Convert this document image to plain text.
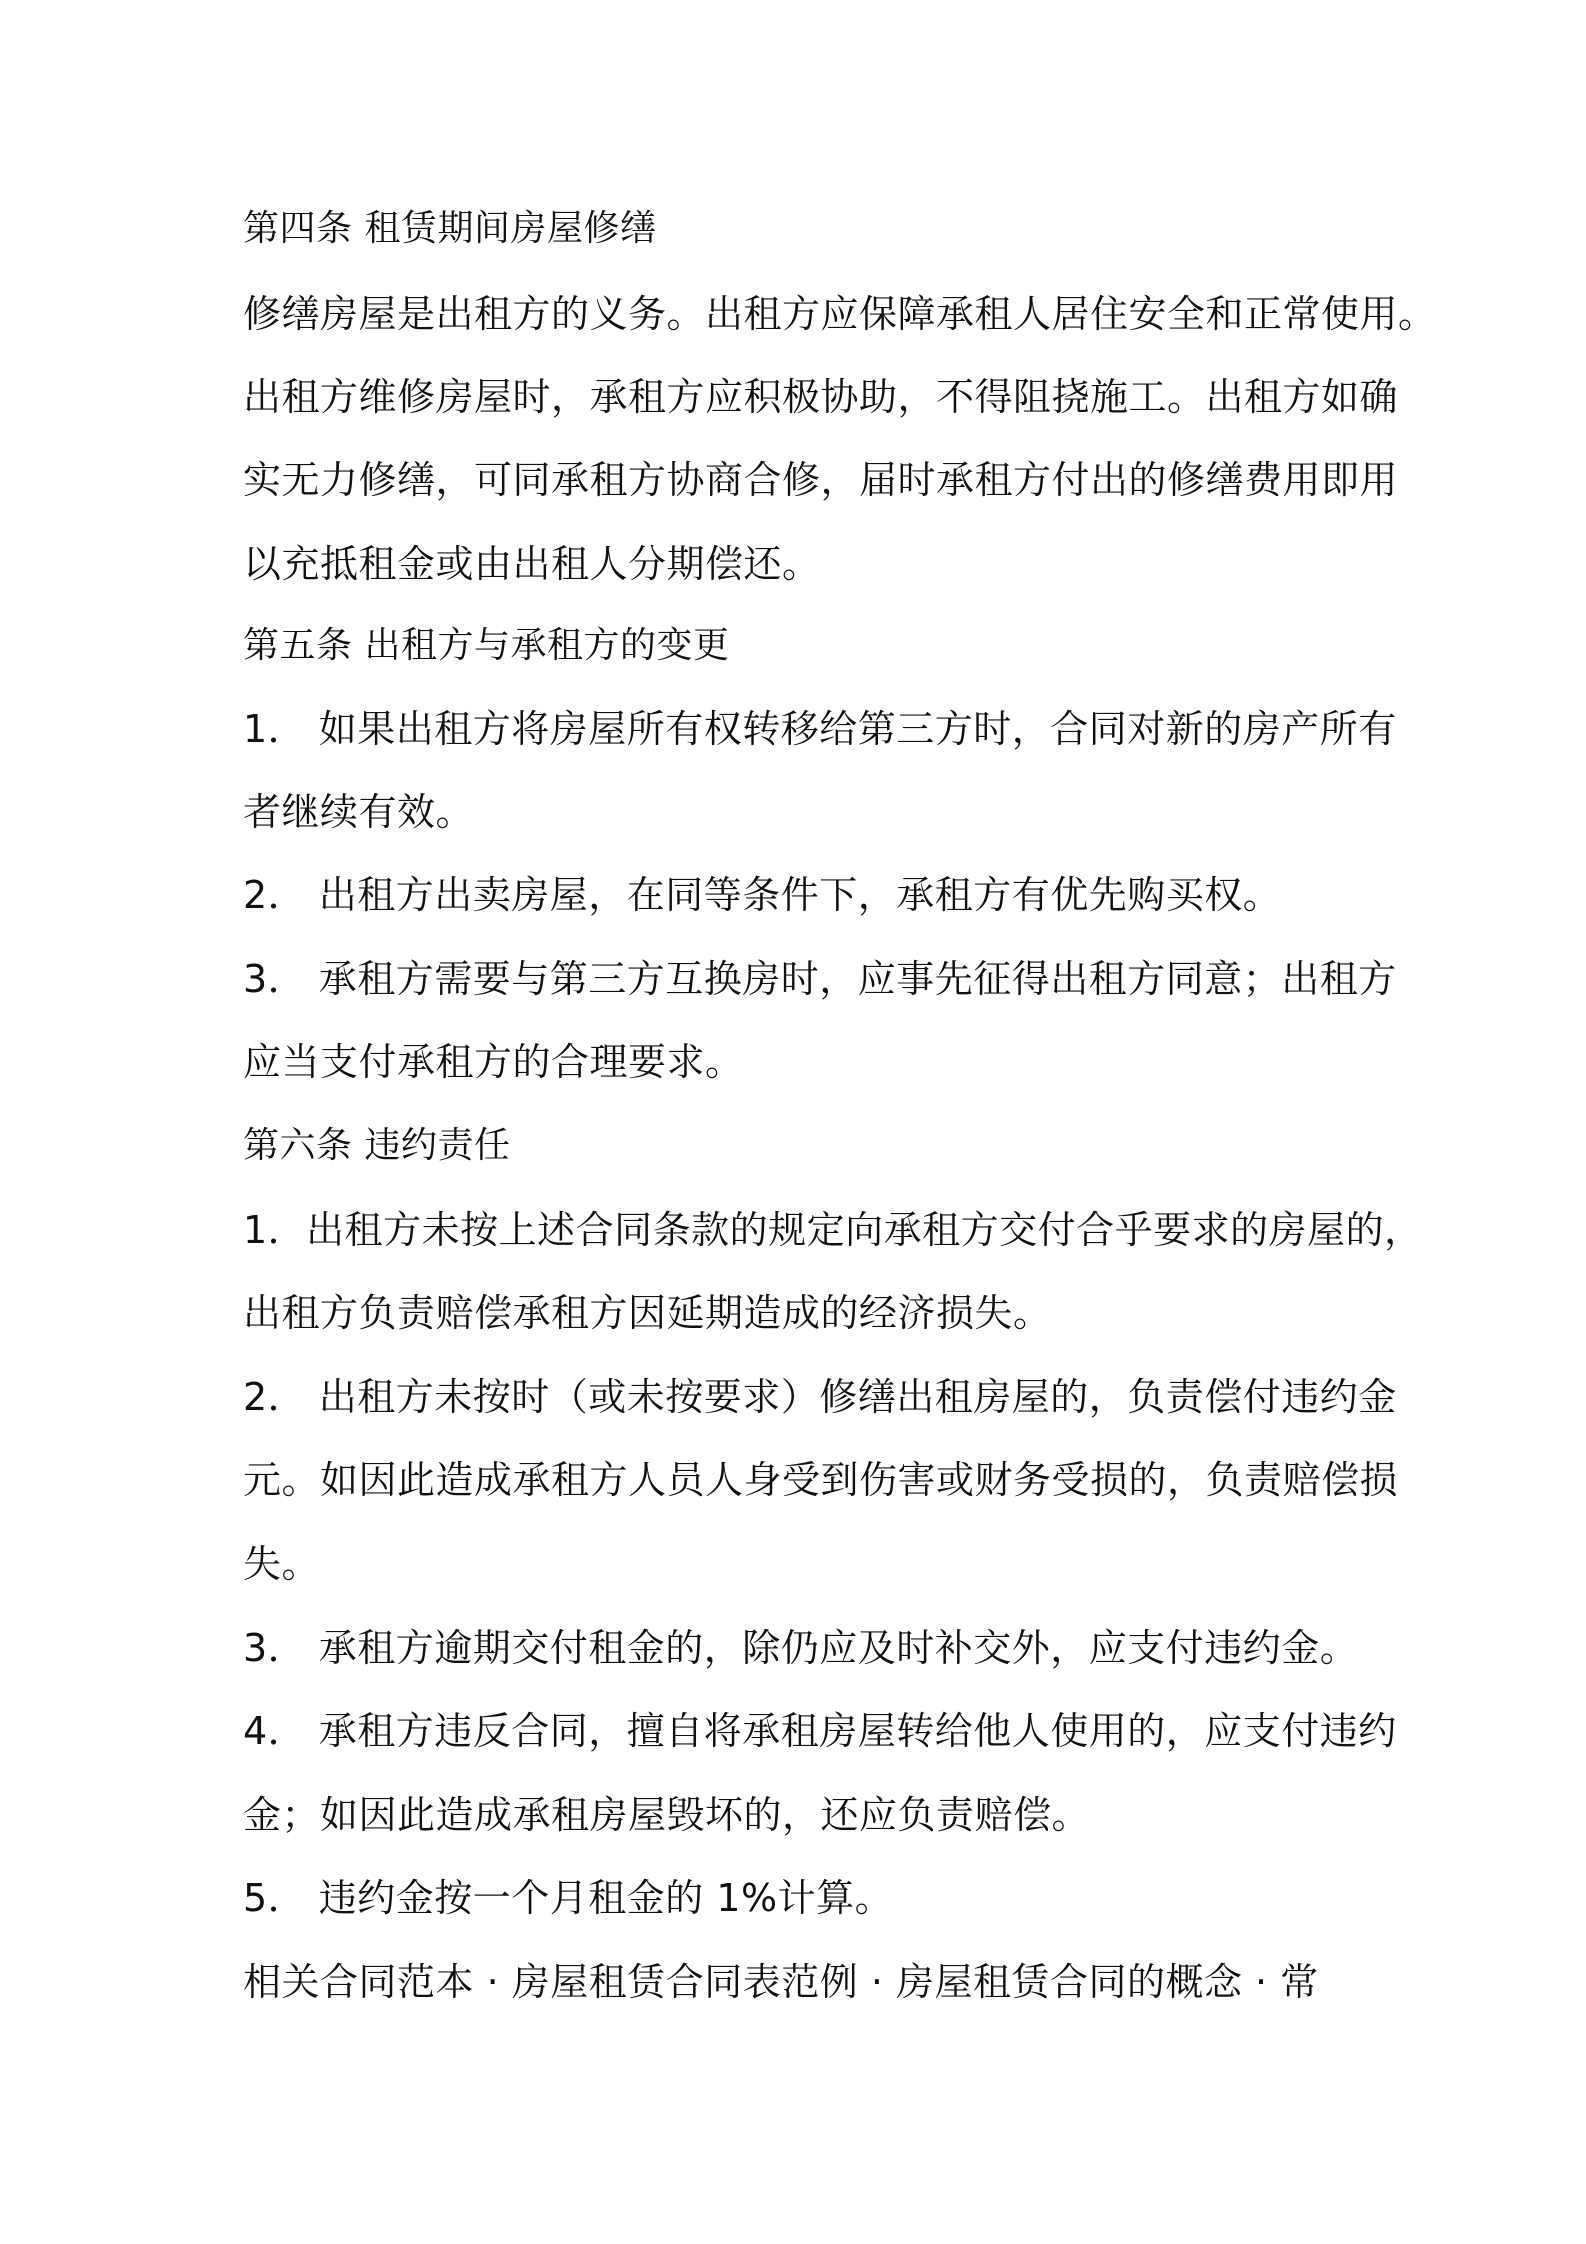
第四条 租赁期间房屋修缮
修缮房屋是出租方的义务。出租方应保障承租人居住安全和正常使用。
出租方维修房屋时，承租方应积极协助，不得阻挠施工。出租方如确
实无力修缮，可同承租方协商合修，届时承租方付出的修缮费用即用
以充抵租金或由出租人分期偿还。
第五条 出租方与承租方的变更
1． 如果出租方将房屋所有权转移给第三方时，合同对新的房产所有
者继续有效。
2． 出租方出卖房屋，在同等条件下，承租方有优先购买权。
3． 承租方需要与第三方互换房时，应事先征得出租方同意；出租方
应当支付承租方的合理要求。
第六条 违约责任
1．出租方未按上述合同条款的规定向承租方交付合乎要求的房屋的，
出租方负责赔偿承租方因延期造成的经济损失。
2． 出租方未按时（或未按要求）修缮出租房屋的，负责偿付违约金
元。如因此造成承租方人员人身受到伤害或财务受损的，负责赔偿损
失。
3． 承租方逾期交付租金的，除仍应及时补交外，应支付违约金。
4． 承租方违反合同，擅自将承租房屋转给他人使用的，应支付违约
金；如因此造成承租房屋毁坏的，还应负责赔偿。
5． 违约金按一个月租金的 1%计算。
相关合同范本 · 房屋租赁合同表范例 · 房屋租赁合同的概念 · 常
